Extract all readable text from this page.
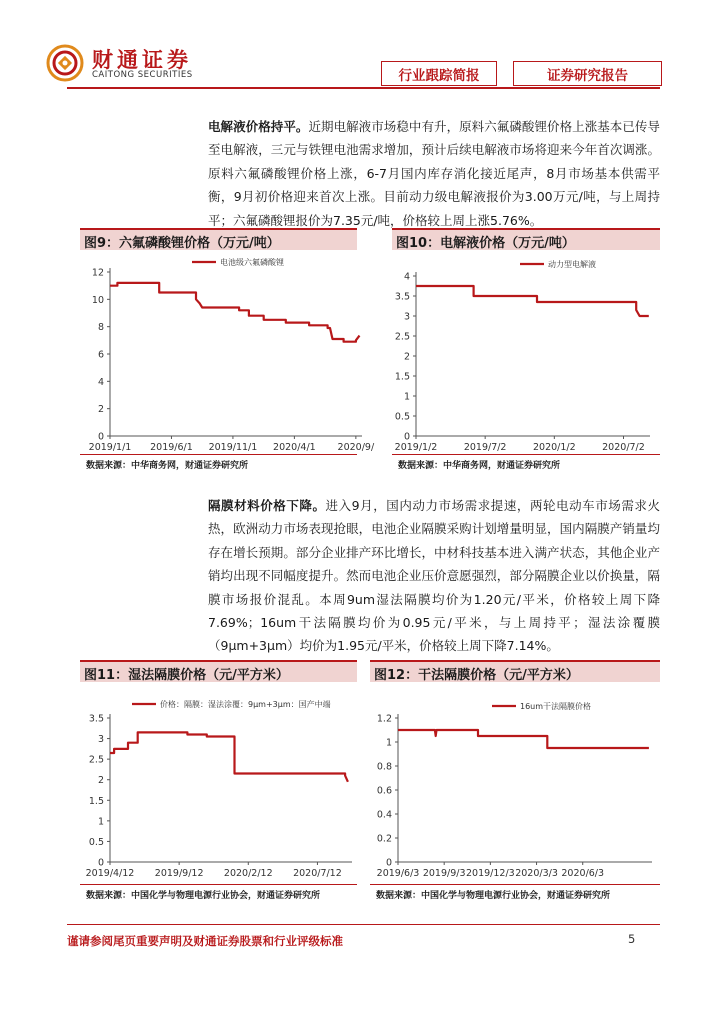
财通证券
CAITONG SECURITIES	行业跟踪简报	证券研究报告
电解液价格持平。近期电解液市场稳中有升，原料六氟磷酸锂价格上涨基本已传导至电解液，三元与铁锂电池需求增加，预计后续电解液市场将迎来今年首次调涨。原料六氟磷酸锂价格上涨，6-7月国内库存消化接近尾声，8月市场基本供需平衡，9月初价格迎来首次上涨。目前动力级电解液报价为3.00万元/吨，与上周持平；六氟磷酸锂报价为7.35元/吨，价格较上周上涨5.76%。
图9：六氟磷酸锂价格（万元/吨）	图10：电解液价格（万元/吨）
0
2
4
6
8
10
12
2019/1/1 2019/6/1 2019/11/1 2020/4/1 2020/9/
电池级六氟磷酸锂
0
0.5
1
1.5
2
2.5
3
3.5
4
2019/1/2	2019/7/2	2020/1/2	2020/7/2
动力型电解液
数据来源：中华商务网，财通证券研究所	数据来源：中华商务网，财通证券研究所
隔膜材料价格下降。进入9月，国内动力市场需求提速，两轮电动车市场需求火热，欧洲动力市场表现抢眼，电池企业隔膜采购计划增量明显，国内隔膜产销量均存在增长预期。部分企业排产环比增长，中材科技基本进入满产状态，其他企业产销均出现不同幅度提升。然而电池企业压价意愿强烈，部分隔膜企业以价换量，隔膜市场报价混乱。本周9um湿法隔膜均价为1.20元/平米，价格较上周下降7.69%；16um干法隔膜均价为0.95元/平米，与上周持平；湿法涂覆膜（9μm+3μm）均价为1.95元/平米，价格较上周下降7.14%。
图11：湿法隔膜价格（元/平方米）	图12：干法隔膜价格（元/平方米）
0
0.5
1
1.5
2
2.5
3
3.5
2019/4/12 2019/9/12 2020/2/12 2020/7/12
价格：隔膜：湿法涂覆：9μm+3μm：国产中端
0
0.2
0.4
0.6
0.8
1
1.2
2019/6/3 2019/9/3 2019/12/3 2020/3/3 2020/6/3
16um干法隔膜价格
数据来源：中国化学与物理电源行业协会，财通证券研究所	数据来源：中国化学与物理电源行业协会，财通证券研究所
谨请参阅尾页重要声明及财通证券股票和行业评级标准	5
